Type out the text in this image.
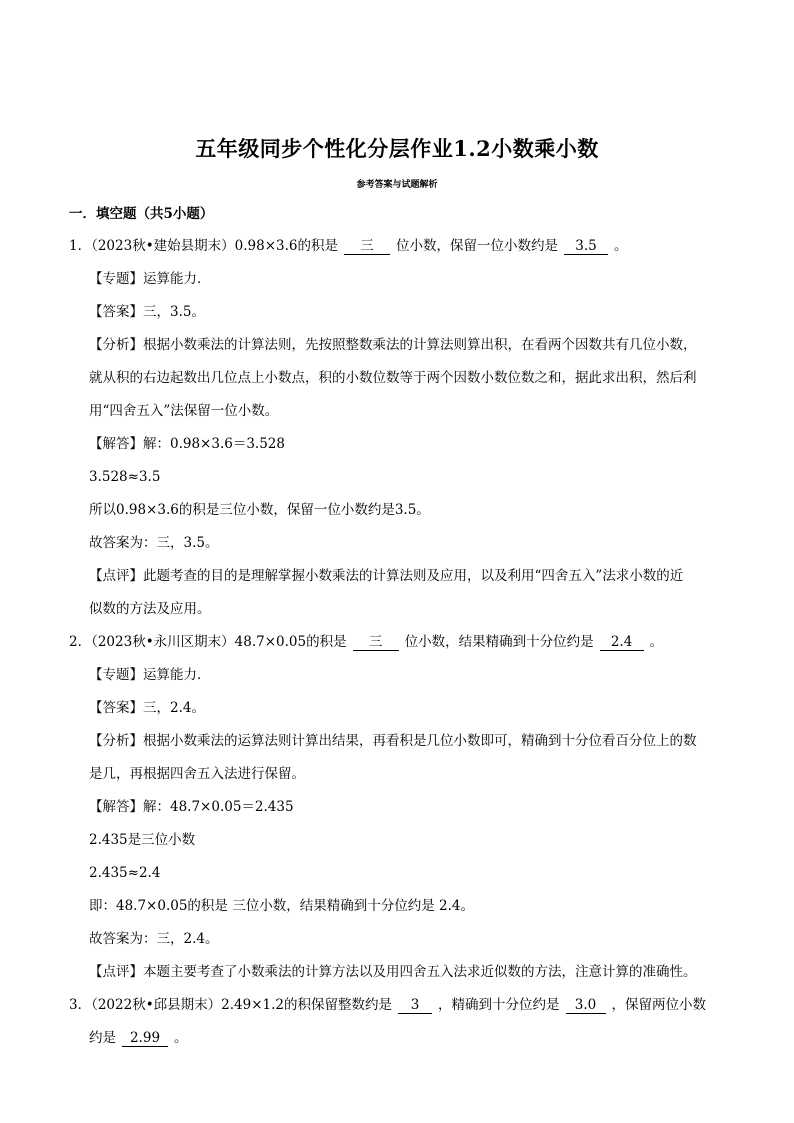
五年级同步个性化分层作业1.2小数乘小数
参考答案与试题解析
一．填空题（共5小题）
1．（2023秋•建始县期末）0.98×3.6的积是 三 位小数，保留一位小数约是 3.5 。
【专题】运算能力．
【答案】三，3.5。
【分析】根据小数乘法的计算法则，先按照整数乘法的计算法则算出积，在看两个因数共有几位小数，
就从积的右边起数出几位点上小数点，积的小数位数等于两个因数小数位数之和，据此求出积，然后利
用“四舍五入”法保留一位小数。
【解答】解：0.98×3.6＝3.528
3.528≈3.5
所以0.98×3.6的积是三位小数，保留一位小数约是3.5。
故答案为：三，3.5。
【点评】此题考查的目的是理解掌握小数乘法的计算法则及应用，以及利用“四舍五入”法求小数的近
似数的方法及应用。
2．（2023秋•永川区期末）48.7×0.05的积是 三 位小数，结果精确到十分位约是 2.4 。
【专题】运算能力．
【答案】三，2.4。
【分析】根据小数乘法的运算法则计算出结果，再看积是几位小数即可，精确到十分位看百分位上的数
是几，再根据四舍五入法进行保留。
【解答】解：48.7×0.05＝2.435
2.435是三位小数
2.435≈2.4
即：48.7×0.05的积是 三位小数，结果精确到十分位约是 2.4。
故答案为：三，2.4。
【点评】本题主要考查了小数乘法的计算方法以及用四舍五入法求近似数的方法，注意计算的准确性。
3．（2022秋•邱县期末）2.49×1.2的积保留整数约是 3 ，精确到十分位约是 3.0 ，保留两位小数
约是 2.99 。
